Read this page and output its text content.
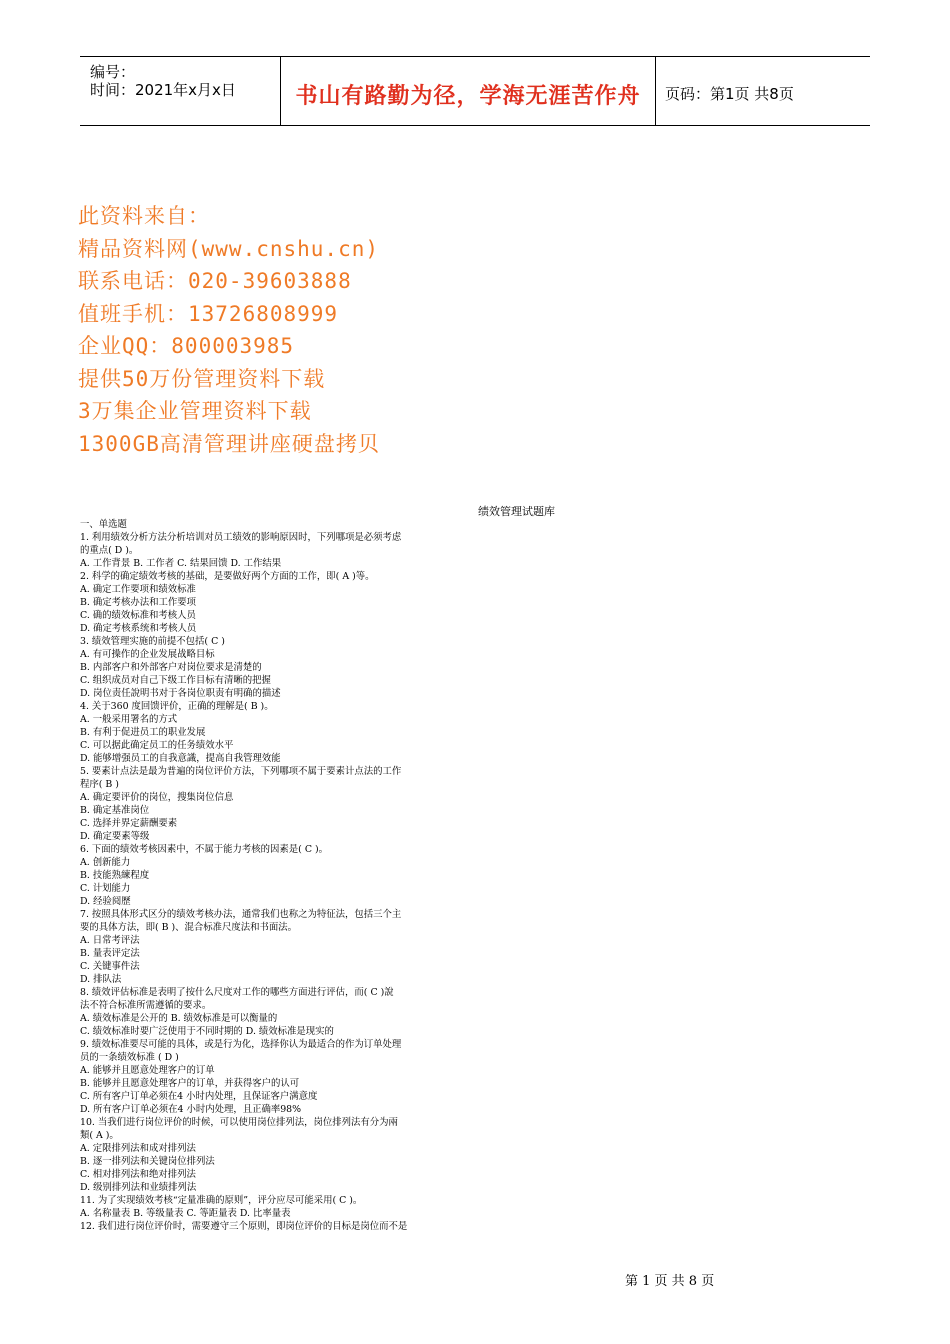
编号：
时间：2021年x月x日	书山有路勤为径，学海无涯苦作舟	页码：第1页 共8页
此资料来自：
精品资料网(www.cnshu.cn)
联系电话：020-39603888
值班手机：13726808999
企业QQ：800003985
提供50万份管理资料下载
3万集企业管理资料下载
1300GB高清管理讲座硬盘拷贝
绩效管理试题库
一、单选题
1. 利用绩效分析方法分析培训对员工绩效的影响原因时，下列哪项是必须考虑
的重点( D )。
A. 工作背景 B. 工作者 C. 结果回馈 D. 工作结果
2. 科学的确定绩效考核的基础，是要做好两个方面的工作，即( A )等。
A. 确定工作要项和绩效标准
B. 确定考核办法和工作要项
C. 确的绩效标准和考核人员
D. 确定考核系统和考核人员
3. 绩效管理实施的前提不包括( C )
A. 有可操作的企业发展战略目标
B. 内部客户和外部客户对岗位要求是清楚的
C. 组织成员对自己下级工作目标有清晰的把握
D. 岗位责任說明书对于各岗位职责有明确的描述
4. 关于360 度回馈评价，正确的理解是( B )。
A. 一般采用署名的方式
B. 有利于促进员工的职业发展
C. 可以据此确定员工的任务绩效水平
D. 能够增强员工的自我意識，提高自我管理效能
5. 要素计点法是最为普遍的岗位评价方法，下列哪项不属于要素计点法的工作
程序( B )
A. 确定要评价的岗位，搜集岗位信息
B. 确定基准岗位
C. 选择并界定薪酬要素
D. 确定要素等级
6. 下面的绩效考核因素中，不属于能力考核的因素是( C )。
A. 创新能力
B. 技能熟練程度
C. 计划能力
D. 经验阅歷
7. 按照具体形式区分的绩效考核办法，通常我们也称之为特征法，包括三个主
要的具体方法，即( B )、混合标准尺度法和书面法。
A. 日常考评法
B. 量表评定法
C. 关键事件法
D. 排队法
8. 绩效评估标准是表明了按什么尺度对工作的哪些方面进行评估，而( C )說
法不符合标准所需遵循的要求。
A. 绩效标准是公开的 B. 绩效标准是可以衡量的
C. 绩效标准时要广泛使用于不同时期的 D. 绩效标准是现实的
9. 绩效标准要尽可能的具体，或是行为化，选择你认为最适合的作为订单处理
员的一条绩效标准 ( D )
A. 能够并且愿意处理客户的订单
B. 能够并且愿意处理客户的订单，并获得客户的认可
C. 所有客户订单必须在4 小时内处理，且保证客户满意度
D. 所有客户订单必须在4 小时内处理，且正确率98%
10. 当我们进行岗位评价的时候，可以使用岗位排列法，岗位排列法有分为兩
類( A )。
A. 定限排列法和成对排列法
B. 逐一排列法和关键岗位排列法
C. 相对排列法和绝对排列法
D. 级别排列法和业绩排列法
11. 为了实现绩效考核“定量准确的原则”，评分应尽可能采用( C )。
A. 名称量表 B. 等级量表 C. 等距量表 D. 比率量表
12. 我们进行岗位评价时，需要遵守三个原则，即岗位评价的目标是岗位而不是
第 1 页 共 8 页
